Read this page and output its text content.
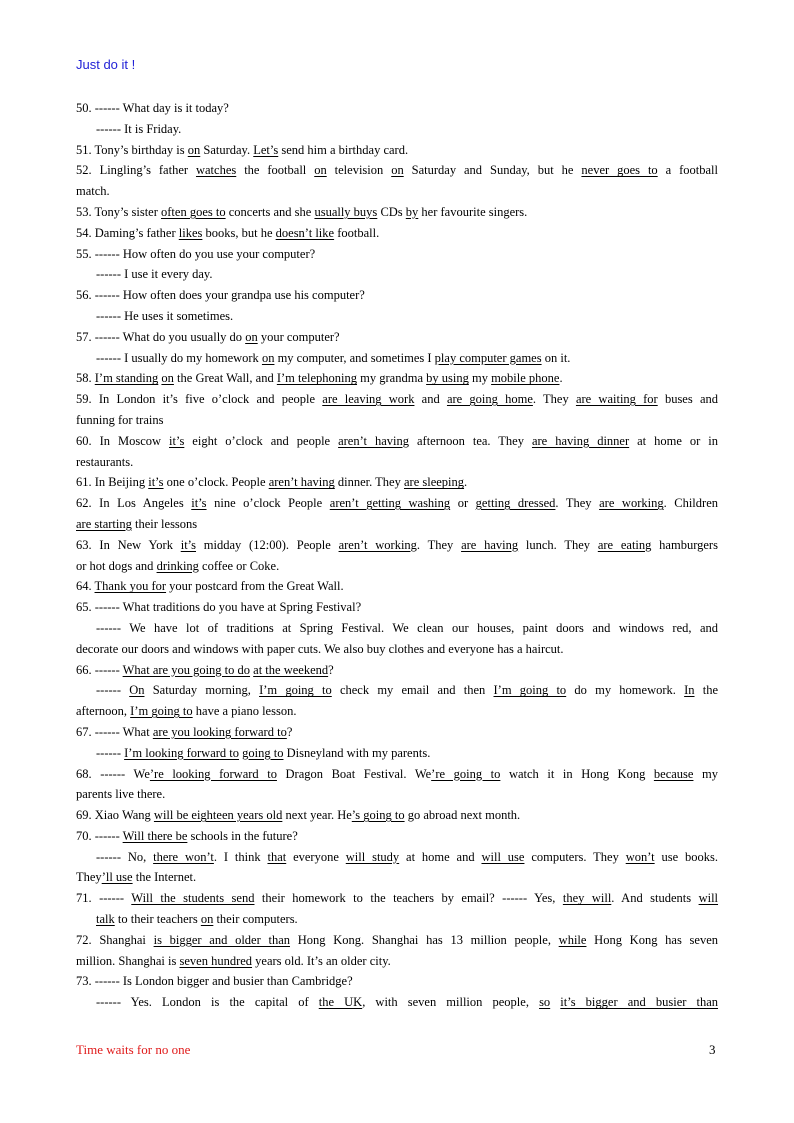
Just do it !
50. ------ What day is it today?
------ It is Friday.
51. Tony’s birthday is on Saturday. Let’s send him a birthday card.
52. Lingling’s father watches the football on television on Saturday and Sunday, but he never goes to a football
match.
53. Tony’s sister often goes to concerts and she usually buys CDs by her favourite singers.
54. Daming’s father likes books, but he doesn’t like football.
55. ------ How often do you use your computer?
------ I use it every day.
56. ------ How often does your grandpa use his computer?
------ He uses it sometimes.
57. ------ What do you usually do on your computer?
------ I usually do my homework on my computer, and sometimes I play computer games on it.
58. I’m standing on the Great Wall, and I’m telephoning my grandma by using my mobile phone.
59. In London it’s five o’clock and people are leaving work and are going home. They are waiting for buses and
funning for trains
60. In Moscow it’s eight o’clock and people aren’t having afternoon tea. They are having dinner at home or in
restaurants.
61. In Beijing it’s one o’clock. People aren’t having dinner. They are sleeping.
62. In Los Angeles it’s nine o’clock People aren’t getting washing or getting dressed. They are working. Children
are starting their lessons
63. In New York it’s midday (12:00). People aren’t working. They are having lunch. They are eating hamburgers
or hot dogs and drinking coffee or Coke.
64. Thank you for your postcard from the Great Wall.
65. ------ What traditions do you have at Spring Festival?
------ We have lot of traditions at Spring Festival. We clean our houses, paint doors and windows red, and
decorate our doors and windows with paper cuts. We also buy clothes and everyone has a haircut.
66. ------ What are you going to do at the weekend?
------ On Saturday morning, I’m going to check my email and then I’m going to do my homework. In the
afternoon, I’m going to have a piano lesson.
67. ------ What are you looking forward to?
------ I’m looking forward to going to Disneyland with my parents.
68. ------ We’re looking forward to Dragon Boat Festival. We’re going to watch it in Hong Kong because my
parents live there.
69. Xiao Wang will be eighteen years old next year. He’s going to go abroad next month.
70. ------ Will there be schools in the future?
------ No, there won’t. I think that everyone will study at home and will use computers. They won’t use books.
They’ll use the Internet.
71. ------ Will the students send their homework to the teachers by email? ------ Yes, they will. And students will
talk to their teachers on their computers.
72. Shanghai is bigger and older than Hong Kong. Shanghai has 13 million people, while Hong Kong has seven
million. Shanghai is seven hundred years old. It’s an older city.
73. ------ Is London bigger and busier than Cambridge?
------ Yes. London is the capital of the UK, with seven million people, so it’s bigger and busier than
Time waits for no one	3
